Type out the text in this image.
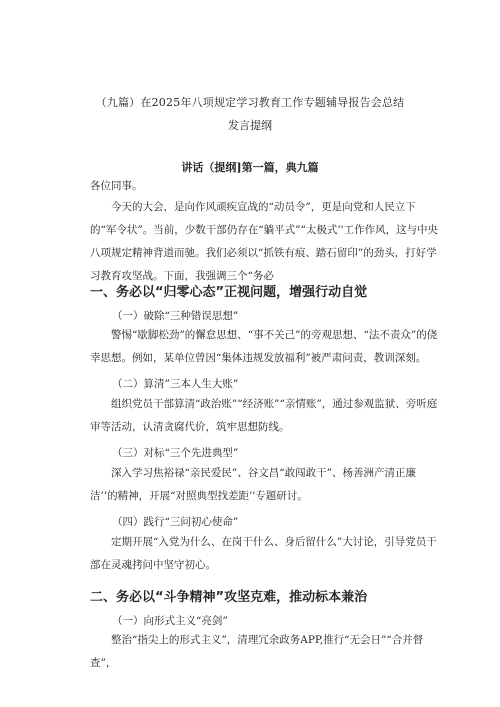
（九篇）在2025年八项规定学习教育工作专题辅导报告会总结
发言提纲
讲话（提纲]第一篇，典九篇
各位同事。
今天的大会，是向作风顽疾宣战的“动员令”，更是向党和人民立下的“军令状”。当前，少数干部仍存在“躺平式”“太极式’'工作作风，这与中央八项规定精神背道而驰。我们必须以“抓铁有痕、踏石留印”的劲头，打好学习教育攻坚战。下面，我强调三个“务必
一、务必以“归零心态”正视问题，增强行动自觉
（一）破除“三种错误思想”
警惕“歇脚松劲”的懈怠思想、“事不关己”的旁观思想、“法不责众”的侥幸思想。例如，某单位曾因“集体违规发放福利”被严肃问责，教训深刻。
（二）算清”三本人生大账”
组织党员干部算清“政治账”“经济账”“亲情账”，通过参观监狱、旁听庭审等活动，认清贪腐代价，筑牢思想防线。
（三）对标“三个先进典型”
深入学习焦裕禄“亲民爱民”、谷文昌“敢闯敢干”、杨善洲产清正廉洁’’的精神，开展“对照典型找差距’'专题研讨。
（四）践行“三问初心使命”
定期开展“入党为什么、在岗干什么、身后留什么”大讨论，引导党员干部在灵魂拷问中坚守初心。
二、务必以“斗争精神”攻坚克难，推动标本兼治
（一）向形式主义“亮剑”
整治“指尖上的形式主义”，清理冗余政务APP,推行“无会日”“合并督查”，
